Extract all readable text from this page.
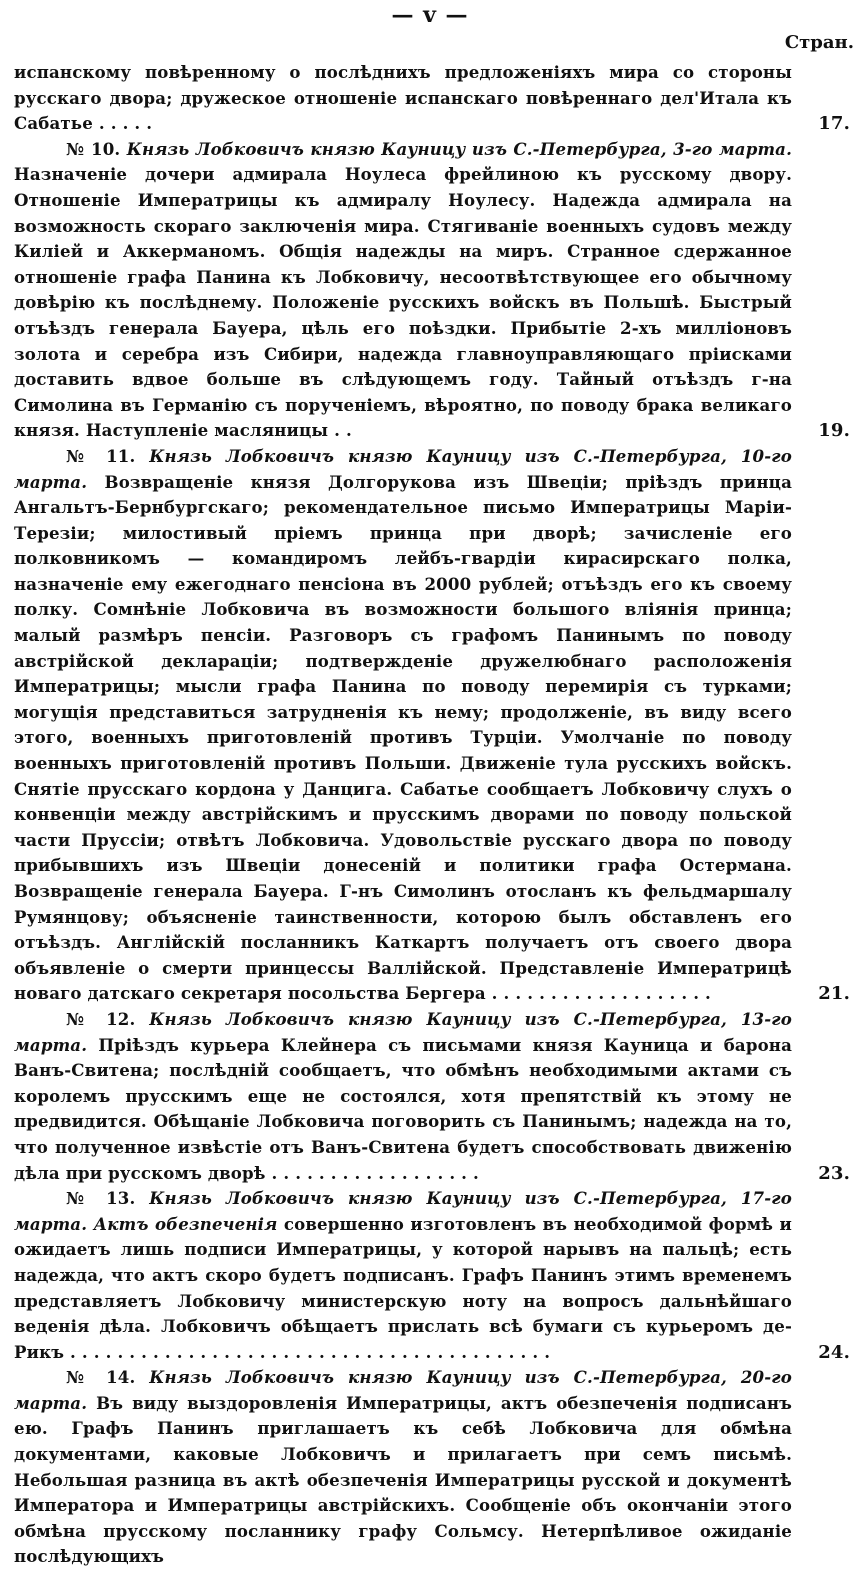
— v —
Стран.

испанскому повѣренному о послѣднихъ предложеніяхъ мира со стороны русскаго двора; дружеское отношеніе испанскаго повѣреннаго дел'Итала къ Сабатье . . . . .	17.

№ 10. Князь Лобковичъ князю Кауницу изъ С.-Петербурга, 3-го марта. Назначеніе дочери адмирала Ноулеса фрейлиною къ русскому двору. Отношеніе Императрицы къ адмиралу Ноулесу. Надежда адмирала на возможность скораго заключенія мира. Стягиваніе военныхъ судовъ между Киліей и Аккерманомъ. Общія надежды на миръ. Странное сдержанное отношеніе графа Панина къ Лобковичу, несоотвѣтствующее его обычному довѣрію къ послѣднему. Положеніе русскихъ войскъ въ Польшѣ. Быстрый отъѣздъ генерала Бауера, цѣль его поѣздки. Прибытіе 2-хъ милліоновъ золота и серебра изъ Сибири, надежда главноуправляющаго пріисками доставить вдвое больше въ слѣдующемъ году. Тайный отъѣздъ г-на Симолина въ Германію съ порученіемъ, вѣроятно, по поводу брака великаго князя. Наступленіе масляницы . .	19.

№ 11. Князь Лобковичъ князю Кауницу изъ С.-Петербурга, 10-го марта. Возвращеніе князя Долгорукова изъ Швеціи; пріѣздъ принца Ангальтъ-Бернбургскаго; рекомендательное письмо Императрицы Маріи-Терезіи; милостивый пріемъ принца при дворѣ; зачисленіе его полковникомъ — командиромъ лейбъ-гвардіи кирасирскаго полка, назначеніе ему ежегоднаго пенсіона въ 2000 рублей; отъѣздъ его къ своему полку. Сомнѣніе Лобковича въ возможности большого вліянія принца; малый размѣръ пенсіи. Разговоръ съ графомъ Панинымъ по поводу австрійской декларацiи; подтвержденіе дружелюбнаго расположенія Императрицы; мысли графа Панина по поводу перемирія съ турками; могущія представиться затрудненія къ нему; продолженіе, въ виду всего этого, военныхъ приготовленій противъ Турціи. Умолчаніе по поводу военныхъ приготовленій противъ Польши. Движеніе тула русскихъ войскъ. Снятіе прусскаго кордона у Данцига. Сабатье сообщаетъ Лобковичу слухъ о конвенціи между австрійскимъ и прусскимъ дворами по поводу польской части Пруссіи; отвѣтъ Лобковича. Удовольствіе русскаго двора по поводу прибывшихъ изъ Швеціи донесеній и политики графа Остермана. Возвращеніе генерала Бауера. Г-нъ Симолинъ отосланъ къ фельдмаршалу Румянцову; объясненіе таинственности, которою былъ обставленъ его отъѣздъ. Англійскій посланникъ Каткартъ получаетъ отъ своего двора объявленіе о смерти принцессы Валлійской. Представленіе Императрицѣ новаго датскаго секретаря посольства Бергера . . . . . . . . . . . . . . . . . . .	21.

№ 12. Князь Лобковичъ князю Кауницу изъ С.-Петербурга, 13-го марта. Пріѣздъ курьера Клейнера съ письмами князя Кауница и барона Ванъ-Свитена; послѣдній сообщаетъ, что обмѣнъ необходимыми актами съ королемъ прусскимъ еще не состоялся, хотя препятствій къ этому не предвидится. Обѣщаніе Лобковича поговорить съ Панинымъ; надежда на то, что полученное извѣстіе отъ Ванъ-Свитена будетъ способствовать движенію дѣла при русскомъ дворѣ . . . . . . . . . . . . . . . . . .	23.

№ 13. Князь Лобковичъ князю Кауницу изъ С.-Петербурга, 17-го марта. Актъ обезпеченія совершенно изготовленъ въ необходимой формѣ и ожидаетъ лишь подписи Императрицы, у которой нарывъ на пальцѣ; есть надежда, что актъ скоро будетъ подписанъ. Графъ Панинъ этимъ временемъ представляетъ Лобковичу министерскую ноту на вопросъ дальнѣйшаго веденія дѣла. Лобковичъ обѣщаетъ прислать всѣ бумаги съ курьеромъ де-Рикъ . . . . . . . . . . . . . . . . . . . . . . . . . . . . . . . . . . . . . . . . .	24.

№ 14. Князь Лобковичъ князю Кауницу изъ С.-Петербурга, 20-го марта. Въ виду выздоровленія Императрицы, актъ обезпеченія подписанъ ею. Графъ Панинъ приглашаетъ къ себѣ Лобковича для обмѣна документами, каковые Лобковичъ и прилагаетъ при семъ письмѣ. Небольшая разница въ актѣ обезпеченія Императрицы русской и документѣ Императора и Императрицы австрійскихъ. Сообщеніе объ окончаніи этого обмѣна прусскому посланнику графу Сольмсу. Нетерпѣливое ожиданіе послѣдующихъ
